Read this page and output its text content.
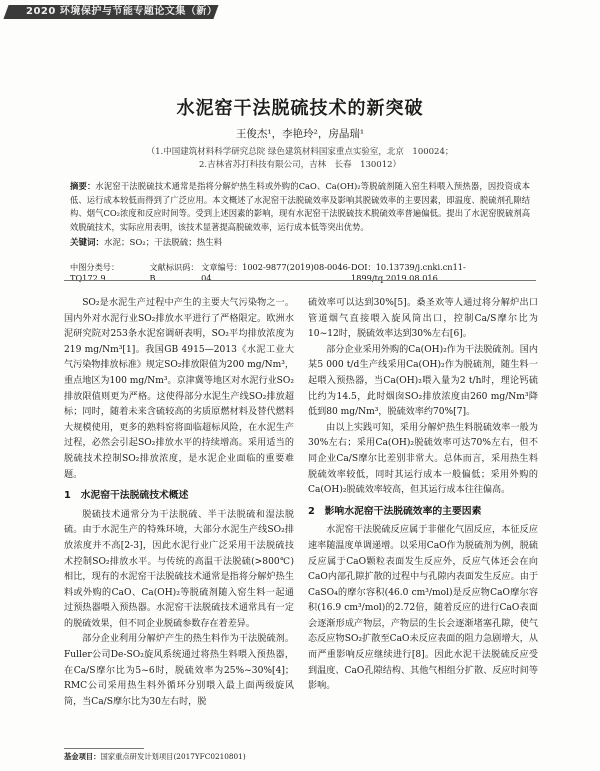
2020 环境保护与节能专题论文集（新）
水泥窑干法脱硫技术的新突破
王俊杰¹，李艳玲²，房晶瑞¹
（1.中国建筑材料科学研究总院 绿色建筑材料国家重点实验室，北京　100024；
2.吉林省苏打科技有限公司，吉林　长春　130012）
摘要：水泥窑干法脱硫技术通常是指将分解炉热生料或外购的CaO、Ca(OH)₂等脱硫剂随入窑生料喂入预热器，因投资成本低、运行成本较低而得到了广泛应用。本文概述了水泥窑干法脱硫效率及影响其脱硫效率的主要因素，即温度、脱硫剂孔隙结构、烟气CO₂浓度和反应时间等。受到上述因素的影响，现有水泥窑干法脱硫技术脱硫效率普遍偏低。提出了水泥窑脱硫剂高效脱硫技术，实际应用表明，该技术显著提高脱硫效率，运行成本低等突出优势。
关键词：水泥；SO₂；干法脱硫；热生料
中图分类号：TQ172.9
文献标识码：B
文章编号：1002-9877(2019)08-0046-04
DOI：10.13739/j.cnki.cn11-1899/tq.2019.08.016

SO₂是水泥生产过程中产生的主要大气污染物之一。国内外对水泥行业SO₂排放水平进行了严格限定。欧洲水泥研究院对253条水泥窑调研表明，SO₂平均排放浓度为219 mg/Nm³[1]。我国GB 4915—2013《水泥工业大气污染物排放标准》规定SO₂排放限值为200 mg/Nm³，重点地区为100 mg/Nm³。京津冀等地区对水泥行业SO₂排放限值则更为严格。这使得部分水泥生产线SO₂排放超标；同时，随着未来含硫较高的劣质原燃材料及替代燃料大规模使用，更多的熟料窑将面临超标风险，在水泥生产过程，必然会引起SO₂排放水平的持续增高。采用适当的脱硫技术控制SO₂排放浓度，是水泥企业面临的重要难题。

1　水泥窑干法脱硫技术概述

脱硫技术通常分为干法脱硫、半干法脱硫和湿法脱硫。由于水泥生产的特殊环境，大部分水泥生产线SO₂排放浓度并不高[2-3]，因此水泥行业广泛采用干法脱硫技术控制SO₂排放水平。与传统的高温干法脱硫(>800℃)相比，现有的水泥窑干法脱硫技术通常是指将分解炉热生料或外购的CaO、Ca(OH)₂等脱硫剂随入窑生料一起通过预热器喂入预热器。水泥窑干法脱硫技术通常具有一定的脱硫效果，但不同企业脱硫参数存在着差异。

部分企业利用分解炉产生的热生料作为干法脱硫剂。Fuller公司De-SO₂旋风系统通过将热生料喂入预热器，在Ca/S摩尔比为5~6时，脱硫效率为25%~30%[4]；RMC公司采用热生料外循环分别喂入最上面两级旋风筒，当Ca/S摩尔比为30左右时，脱

硫效率可以达到30%[5]。桑圣欢等人通过将分解炉出口管道烟气直接喂入旋风筒出口，控制Ca/S摩尔比为10~12时，脱硫效率达到30%左右[6]。

部分企业采用外购的Ca(OH)₂作为干法脱硫剂。国内某5 000 t/d生产线采用Ca(OH)₂作为脱硫剂，随生料一起喂入预热器，当Ca(OH)₂喂入量为2 t/h时，理论钙硫比约为14.5，此时烟囱SO₂排放浓度由260 mg/Nm³降低到80 mg/Nm³，脱硫效率约70%[7]。

由以上实践可知，采用分解炉热生料脱硫效率一般为30%左右；采用Ca(OH)₂脱硫效率可达70%左右，但不同企业Ca/S摩尔比差别非常大。总体而言，采用热生料脱硫效率较低，同时其运行成本一般偏低；采用外购的Ca(OH)₂脱硫效率较高，但其运行成本往往偏高。

2　影响水泥窑干法脱硫效率的主要因素

水泥窑干法脱硫反应属于非催化气固反应，本征反应速率随温度单调递增。以采用CaO作为脱硫剂为例，脱硫反应属于CaO颗粒表面发生反应外，反应气体还会在向CaO内部孔隙扩散的过程中与孔隙内表面发生反应。由于CaSO₄的摩尔容积(46.0 cm³/mol)是反应物CaO摩尔容积(16.9 cm³/mol)的2.72倍，随着反应的进行CaO表面会逐渐形成产物层，产物层的生长会逐渐堵塞孔隙，使气态反应物SO₂扩散至CaO未反应表面的阻力急剧增大，从而严重影响反应继续进行[8]。因此水泥干法脱硫反应受到温度、CaO孔隙结构、其他气相组分扩散、反应时间等影响。

基金项目：国家重点研发计划项目(2017YFC0210801)
